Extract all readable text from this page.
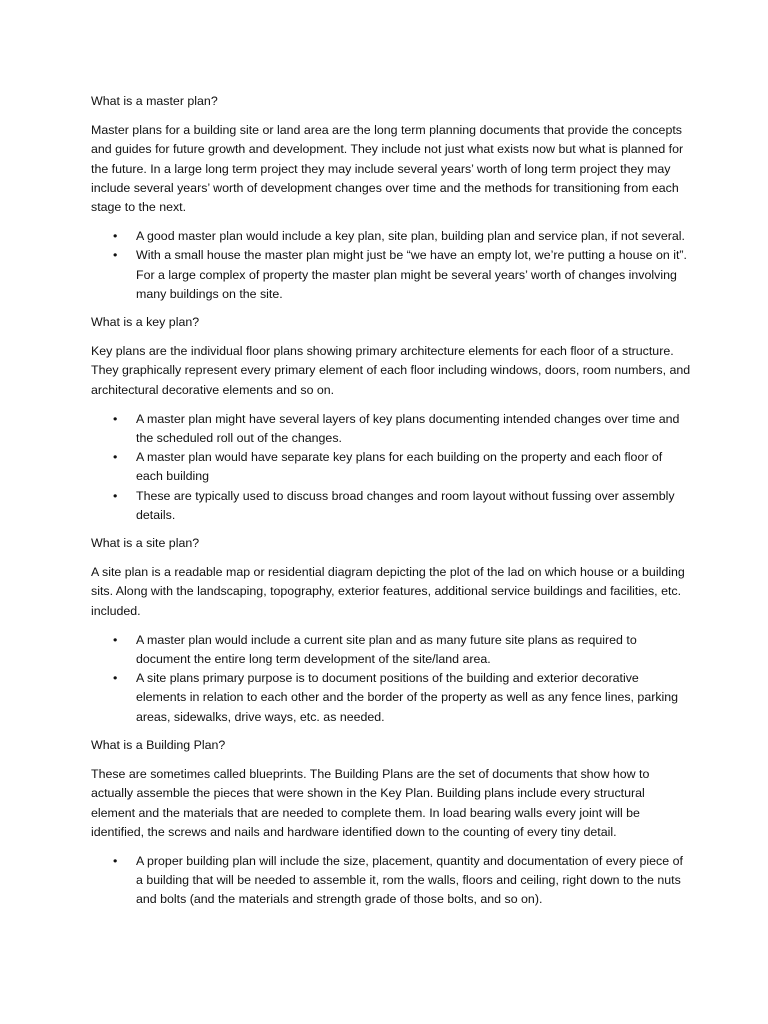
What is a master plan?

Master plans for a building site or land area are the long term planning documents that provide the concepts and guides for future growth and development. They include not just what exists now but what is planned for the future. In a large long term project they may include several years’ worth of long term project they may include several years’ worth of development changes over time and the methods for transitioning from each stage to the next.

• A good master plan would include a key plan, site plan, building plan and service plan, if not several.
• With a small house the master plan might just be “we have an empty lot, we’re putting a house on it”. For a large complex of property the master plan might be several years’ worth of changes involving many buildings on the site.

What is a key plan?

Key plans are the individual floor plans showing primary architecture elements for each floor of a structure. They graphically represent every primary element of each floor including windows, doors, room numbers, and architectural decorative elements and so on.

• A master plan might have several layers of key plans documenting intended changes over time and the scheduled roll out of the changes.
• A master plan would have separate key plans for each building on the property and each floor of each building
• These are typically used to discuss broad changes and room layout without fussing over assembly details.

What is a site plan?

A site plan is a readable map or residential diagram depicting the plot of the lad on which house or a building sits. Along with the landscaping, topography, exterior features, additional service buildings and facilities, etc. included.

• A master plan would include a current site plan and as many future site plans as required to document the entire long term development of the site/land area.
• A site plans primary purpose is to document positions of the building and exterior decorative elements in relation to each other and the border of the property as well as any fence lines, parking areas, sidewalks, drive ways, etc. as needed.

What is a Building Plan?

These are sometimes called blueprints. The Building Plans are the set of documents that show how to actually assemble the pieces that were shown in the Key Plan. Building plans include every structural element and the materials that are needed to complete them. In load bearing walls every joint will be identified, the screws and nails and hardware identified down to the counting of every tiny detail.

• A proper building plan will include the size, placement, quantity and documentation of every piece of a building that will be needed to assemble it, rom the walls, floors and ceiling, right down to the nuts and bolts (and the materials and strength grade of those bolts, and so on).
